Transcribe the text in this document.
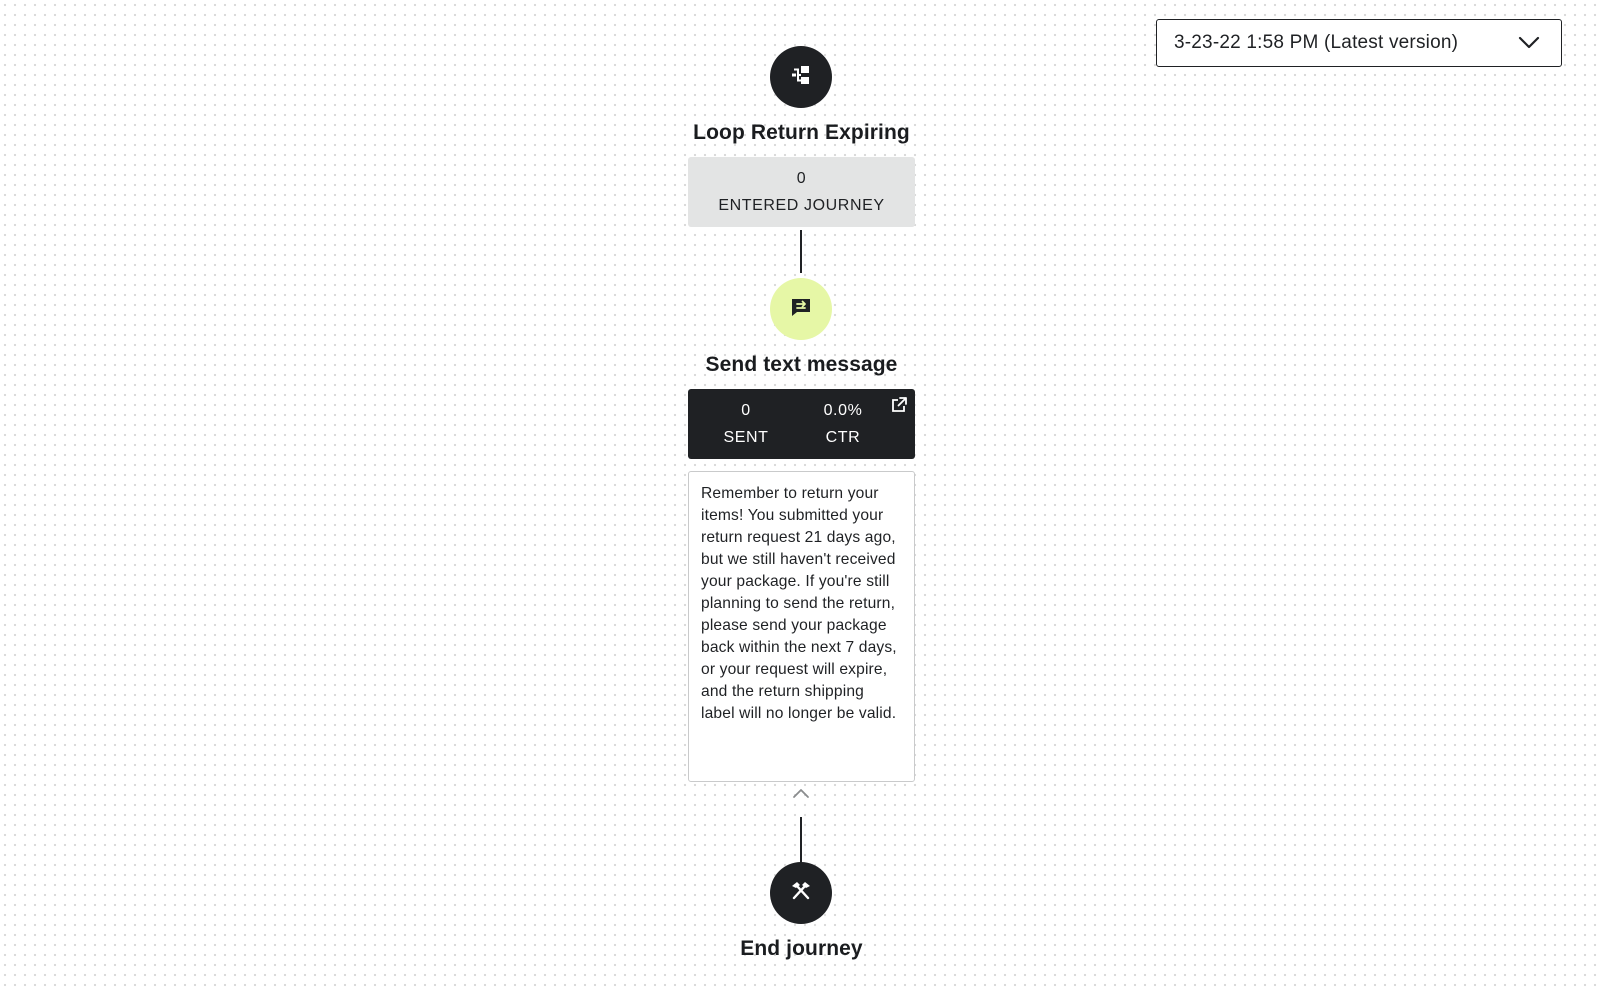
3-23-22 1:58 PM (Latest version)
Loop Return Expiring
0
ENTERED JOURNEY
Send text message
0
SENT
0.0%
CTR
Remember to return your items! You submitted your return request 21 days ago, but we still haven't received your package. If you're still planning to send the return, please send your package back within the next 7 days, or your request will expire, and the return shipping label will no longer be valid.
End journey
